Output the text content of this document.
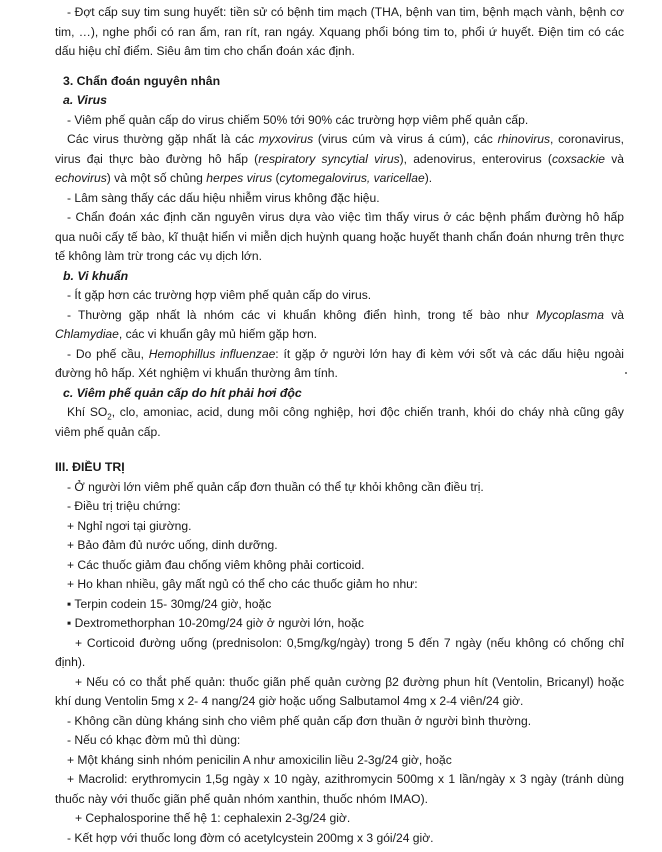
- Đợt cấp suy tim sung huyết: tiền sử có bệnh tim mạch (THA, bệnh van tim, bệnh mạch vành, bệnh cơ tim, …), nghe phổi có ran ẩm, ran rít, ran ngáy. Xquang phổi bóng tim to, phổi ứ huyết. Điện tim có các dấu hiệu chỉ điểm. Siêu âm tim cho chẩn đoán xác định.

3. Chẩn đoán nguyên nhân
a. Virus

- Viêm phế quản cấp do virus chiếm 50% tới 90% các trường hợp viêm phế quản cấp.

Các virus thường gặp nhất là các myxovirus (virus cúm và virus á cúm), các rhinovirus, coronavirus, virus đại thực bào đường hô hấp (respiratory syncytial virus), adenovirus, enterovirus (coxsackie và echovirus) và một số chủng herpes virus (cytomegalovirus, varicellae).

- Lâm sàng thấy các dấu hiệu nhiễm virus không đặc hiệu.

- Chẩn đoán xác định căn nguyên virus dựa vào việc tìm thấy virus ở các bệnh phẩm đường hô hấp qua nuôi cấy tế bào, kĩ thuật hiển vi miễn dịch huỳnh quang hoặc huyết thanh chẩn đoán nhưng trên thực tế không làm trừ trong các vụ dịch lớn.

b. Vi khuẩn

- Ít gặp hơn các trường hợp viêm phế quản cấp do virus.

- Thường gặp nhất là nhóm các vi khuẩn không điển hình, trong tế bào như Mycoplasma và Chlamydiae, các vi khuẩn gây mủ hiếm gặp hơn.

- Do phế cầu, Hemophillus influenzae: ít gặp ở người lớn hay đi kèm với sốt và các dấu hiệu ngoài đường hô hấp. Xét nghiệm vi khuẩn thường âm tính.

c. Viêm phế quản cấp do hít phải hơi độc

Khí $SO_2$, clo, amoniac, acid, dung môi công nghiệp, hơi độc chiến tranh, khói do cháy nhà cũng gây viêm phế quản cấp.

III. ĐIỀU TRỊ

- Ở người lớn viêm phế quản cấp đơn thuần có thể tự khỏi không cần điều trị.

- Điều trị triệu chứng:

+ Nghỉ ngơi tại giường.

+ Bảo đảm đủ nước uống, dinh dưỡng.

+ Các thuốc giảm đau chống viêm không phải corticoid.

+ Ho khan nhiều, gây mất ngủ có thể cho các thuốc giảm ho như:

▪ Terpin codein 15- 30mg/24 giờ, hoặc

▪ Dextromethorphan 10-20mg/24 giờ ở người lớn, hoặc

+ Corticoid đường uống (prednisolon: 0,5mg/kg/ngày) trong 5 đến 7 ngày (nếu không có chống chỉ định).

+ Nếu có co thắt phế quản: thuốc giãn phế quản cường β2 đường phun hít (Ventolin, Bricanyl) hoặc khí dung Ventolin 5mg x 2- 4 nang/24 giờ hoặc uống Salbutamol 4mg x 2-4 viên/24 giờ.

- Không cần dùng kháng sinh cho viêm phế quản cấp đơn thuần ở người bình thường.

- Nếu có khạc đờm mủ thì dùng:

+ Một kháng sinh nhóm penicilin A như amoxicilin liều 2-3g/24 giờ, hoặc

+ Macrolid: erythromycin 1,5g ngày x 10 ngày, azithromycin 500mg x 1 lần/ngày x 3 ngày (tránh dùng thuốc này với thuốc giãn phế quản nhóm xanthin, thuốc nhóm IMAO).

+ Cephalosporine thế hệ 1: cephalexin 2-3g/24 giờ.

- Kết hợp với thuốc long đờm có acetylcystein 200mg x 3 gói/24 giờ.
